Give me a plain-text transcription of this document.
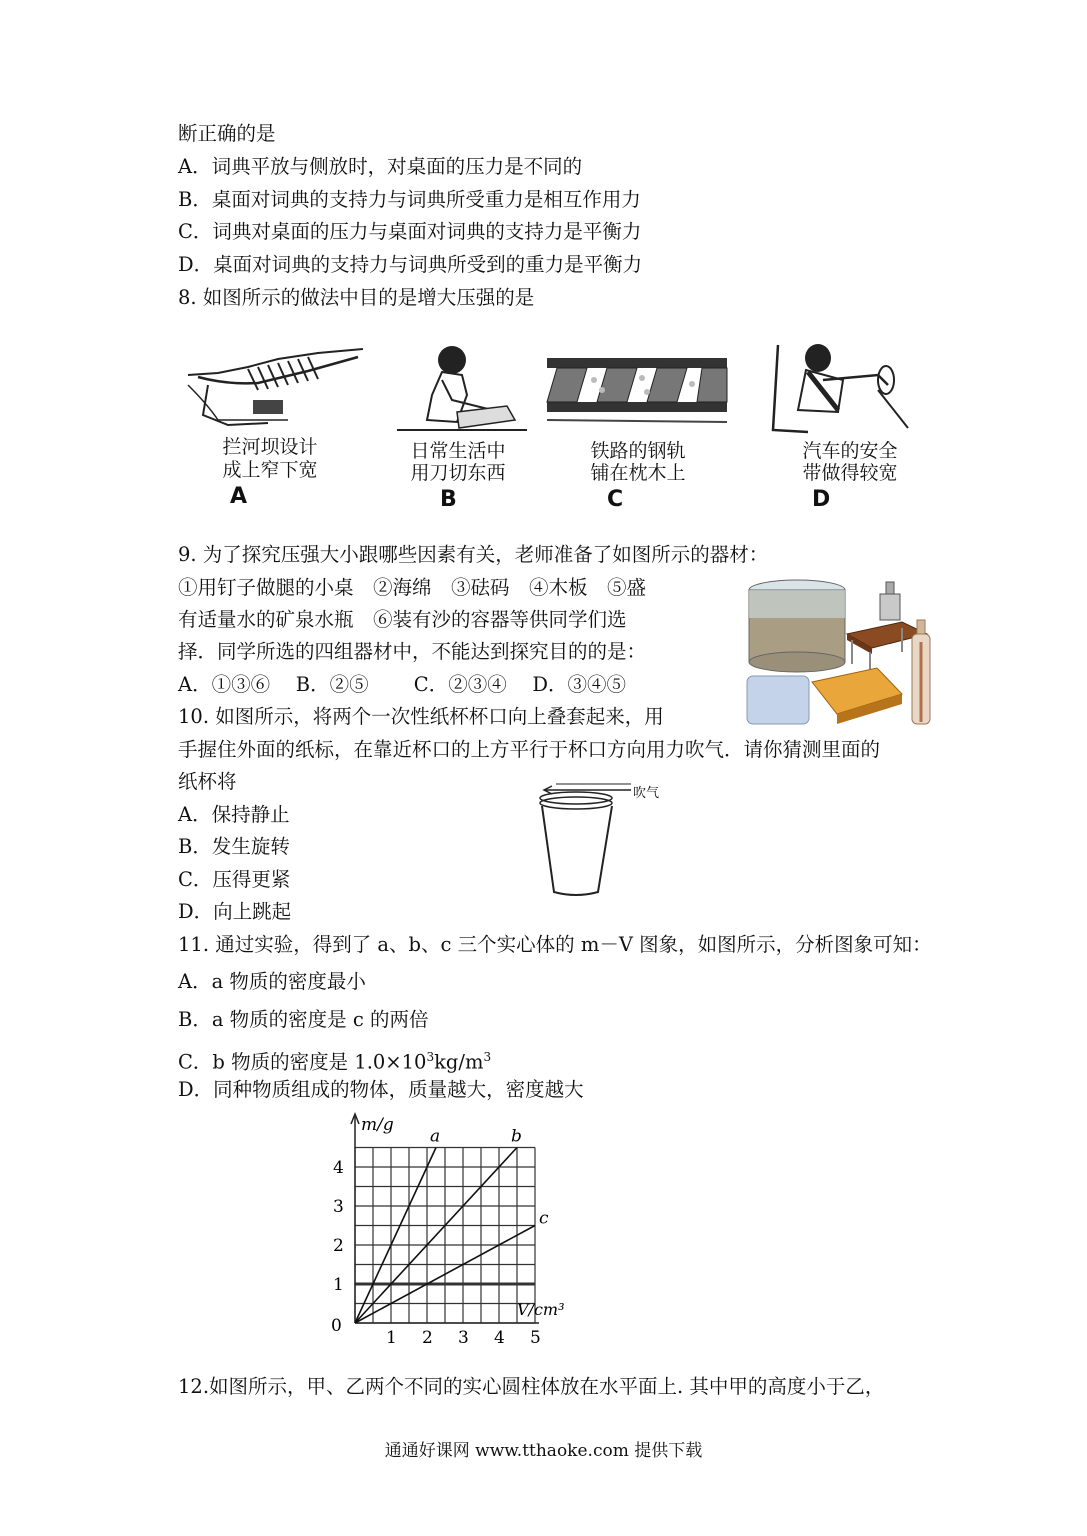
断正确的是
A．词典平放与侧放时，对桌面的压力是不同的
B．桌面对词典的支持力与词典所受重力是相互作用力
C．词典对桌面的压力与桌面对词典的支持力是平衡力
D．桌面对词典的支持力与词典所受到的重力是平衡力
8. 如图所示的做法中目的是增大压强的是
拦河坝设计
成上窄下宽
A
日常生活中
用刀切东西
B
铁路的钢轨
铺在枕木上
C
汽车的安全
带做得较宽
D
9. 为了探究压强大小跟哪些因素有关，老师准备了如图所示的器材：
①用钉子做腿的小桌　②海绵　③砝码　④木板　⑤盛
有适量水的矿泉水瓶　⑥装有沙的容器等供同学们选
择．同学所选的四组器材中，不能达到探究目的的是：
A．①③⑥　 B．②⑤　　 C．②③④　 D．③④⑤
10. 如图所示，将两个一次性纸杯杯口向上叠套起来，用
手握住外面的纸标，在靠近杯口的上方平行于杯口方向用力吹气．请你猜测里面的
纸杯将
A．保持静止
B．发生旋转
C．压得更紧
D．向上跳起
吹气
11. 通过实验，得到了 a、b、c 三个实心体的 m－V 图象，如图所示，分析图象可知：
A．a 物质的密度最小
B．a 物质的密度是 c 的两倍
C．b 物质的密度是 $1.0\times 10^3kg/m^3$
D．同种物质组成的物体，质量越大，密度越大
a	b
c
1 2 3 4 5
1
2
3
4
0
m/g
V/cm³
12.如图所示，甲、乙两个不同的实心圆柱体放在水平面上. 其中甲的高度小于乙，
通通好课网 www.tthaoke.com 提供下载
